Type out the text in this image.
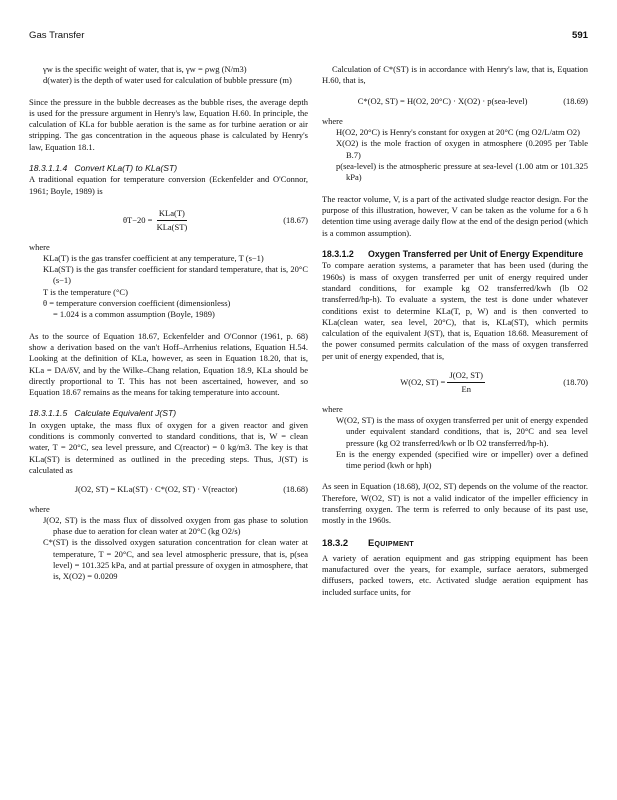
Gas Transfer	591

γw is the specific weight of water, that is, γw = ρwg (N/m3)

d(water) is the depth of water used for calculation of bubble pressure (m)

Since the pressure in the bubble decreases as the bubble rises, the average depth is used for the pressure argument in Henry's law, Equation H.60. In principle, the calculation of KLa for bubble aeration is the same as for turbine aeration or air stripping. The gas concentration in the aqueous phase is calculated by Henry's law, Equation 18.1.

18.3.1.1.4 Convert KLa(T) to KLa(ST)

A traditional equation for temperature conversion (Eckenfelder and O'Connor, 1961; Boyle, 1989) is

$\theta T-20 = \frac{\text{KLa(T)}}{\text{KLa(ST)}}$	(18.67)

where

KLa(T) is the gas transfer coefficient at any temperature, T (s−1)

KLa(ST) is the gas transfer coefficient for standard temperature, that is, 20°C (s−1)

T is the temperature (°C)

θ = temperature conversion coefficient (dimensionless)

= 1.024 is a common assumption (Boyle, 1989)

As to the source of Equation 18.67, Eckenfelder and O'Connor (1961, p. 68) show a derivation based on the van't Hoff–Arrhenius relations, Equation H.54. Looking at the definition of KLa, however, as seen in Equation 18.20, that is, KLa = DA/δV, and by the Wilke–Chang relation, Equation 18.9, KLa should be directly proportional to T. This has not been ascertained, however, and so Equation 18.67 remains as the means for taking temperature into account.

18.3.1.1.5 Calculate Equivalent J(ST)

In oxygen uptake, the mass flux of oxygen for a given reactor and given conditions is commonly converted to standard conditions, that is, W = clean water, T = 20°C, sea level pressure, and C(reactor) = 0 kg/m3. The key is that KLa(ST) is determined as outlined in the preceding steps. Thus, J(ST) is calculated as

J(O2, ST) = KLa(ST) · C*(O2, ST) · V(reactor)	(18.68)

where

J(O2, ST) is the mass flux of dissolved oxygen from gas phase to solution phase due to aeration for clean water at 20°C (kg O2/s)

C*(ST) is the dissolved oxygen saturation concentration for clean water at temperature, T = 20°C, and sea level atmospheric pressure, that is, p(sea level) = 101.325 kPa, and at partial pressure of oxygen in atmosphere, that is, X(O2) = 0.0209

Calculation of C*(ST) is in accordance with Henry's law, that is, Equation H.60, that is,

C*(O2, ST) = H(O2, 20°C) · X(O2) · p(sea-level)	(18.69)

where

H(O2, 20°C) is Henry's constant for oxygen at 20°C (mg O2/L/atm O2)

X(O2) is the mole fraction of oxygen in atmosphere (0.2095 per Table B.7)

p(sea-level) is the atmospheric pressure at sea-level (1.00 atm or 101.325 kPa)

The reactor volume, V, is a part of the activated sludge reactor design. For the purpose of this illustration, however, V can be taken as the volume for a 6 h detention time using average daily flow at the end of the design period (which is a common assumption).

18.3.1.2	Oxygen Transferred per Unit of Energy Expenditure

To compare aeration systems, a parameter that has been used (during the 1960s) is mass of oxygen transferred per unit of energy required under standard conditions, for example kg O2 transferred/kwh (lb O2 transferred/hp-h). To evaluate a system, the test is done under whatever conditions exist to determine KLa(T, p, W) and is then converted to KLa(clean water, sea level, 20°C), that is, KLa(ST), which permits calculation of the equivalent J(ST), that is, Equation 18.68. Measurement of the power consumed permits calculation of the mass of oxygen transferred per unit of energy expended, that is,

W(O2, $ST) = \frac{J(O2, ST)}{En}$	(18.70)

where

W(O2, ST) is the mass of oxygen transferred per unit of energy expended under equivalent standard conditions, that is, 20°C and sea level pressure (kg O2 transferred/kwh or lb O2 transferred/hp-h).

En is the energy expended (specified wire or impeller) over a defined time period (kwh or hph)

As seen in Equation (18.68), J(O2, ST) depends on the volume of the reactor. Therefore, W(O2, ST) is not a valid indicator of the impeller efficiency in transferring oxygen. The term is referred to only because of its past use, mostly in the 1960s.

18.3.2	Equipment

A variety of aeration equipment and gas stripping equipment has been manufactured over the years, for example, surface aerators, submerged diffusers, packed towers, etc. Activated sludge aeration equipment has included surface units, for
